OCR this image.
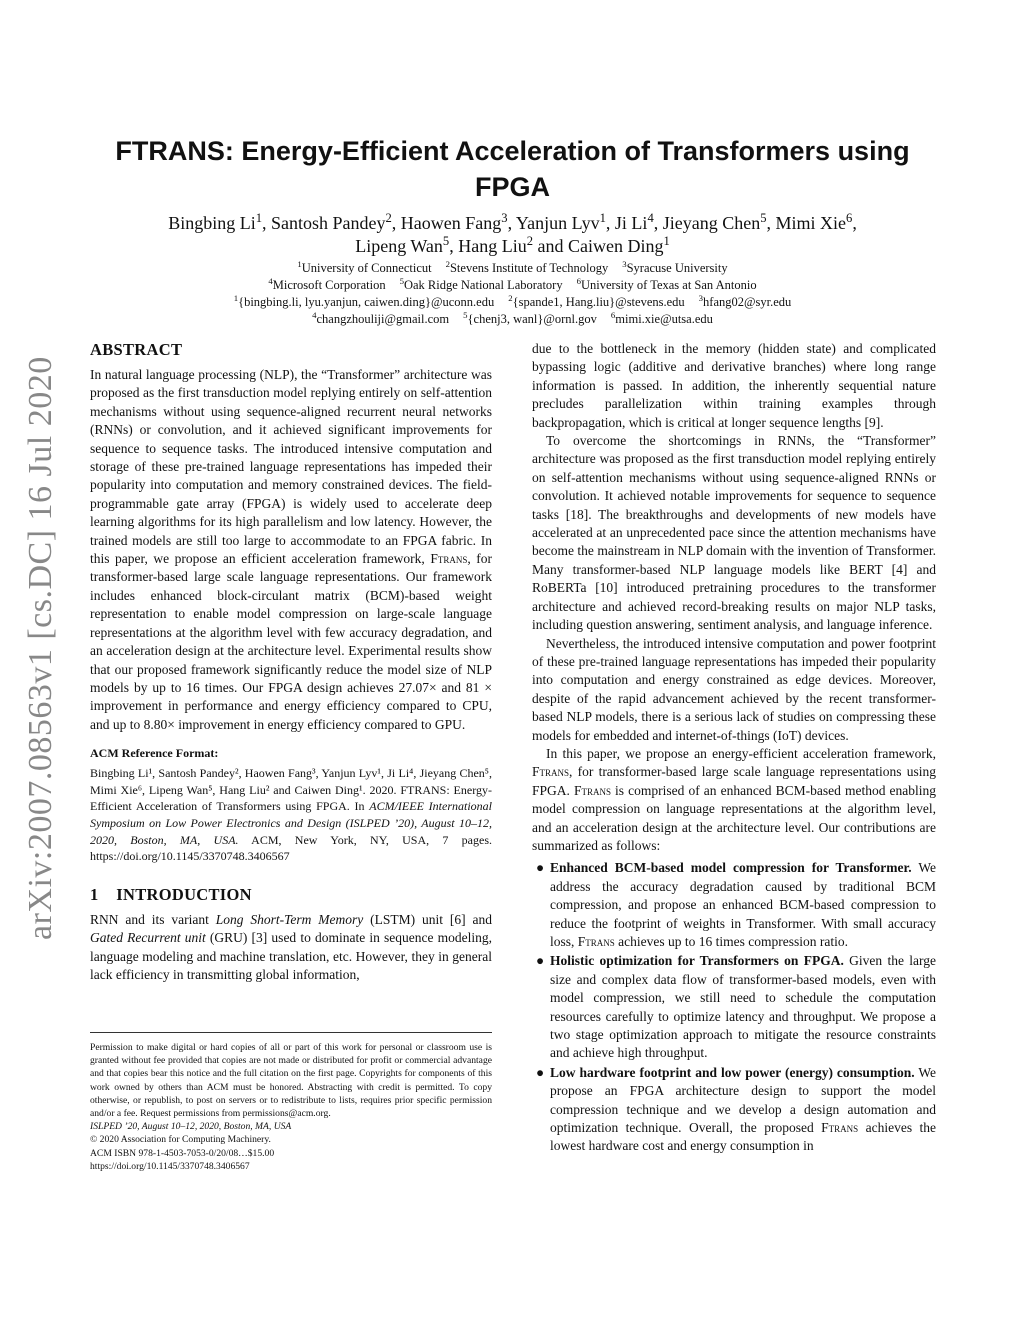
arXiv:2007.08563v1 [cs.DC] 16 Jul 2020
FTRANS: Energy-Efficient Acceleration of Transformers using FPGA
Bingbing Li$^1$, Santosh Pandey$^2$, Haowen Fang$^3$, Yanjun Lyv$^1$, Ji Li$^4$, Jieyang Chen$^5$, Mimi Xie$^6$,
Lipeng Wan$^5$, Hang Liu$^2$ and Caiwen Ding$^1$
$^1$University of Connecticut $^2$Stevens Institute of Technology $^3$Syracuse University
$^4$Microsoft Corporation $^5$Oak Ridge National Laboratory $^6$University of Texas at San Antonio
$^1${bingbing.li, lyu.yanjun, caiwen.ding}@uconn.edu $^2${spande1, Hang.liu}@stevens.edu $^3$hfang02@syr.edu
$^4$changzhouliji@gmail.com $^5${chenj3, wanl}@ornl.gov $^6$mimi.xie@utsa.edu
ABSTRACT

In natural language processing (NLP), the “Transformer” architecture was proposed as the first transduction model replying entirely on self-attention mechanisms without using sequence-aligned recurrent neural networks (RNNs) or convolution, and it achieved significant improvements for sequence to sequence tasks. The introduced intensive computation and storage of these pre-trained language representations has impeded their popularity into computation and memory constrained devices. The field-programmable gate array (FPGA) is widely used to accelerate deep learning algorithms for its high parallelism and low latency. However, the trained models are still too large to accommodate to an FPGA fabric. In this paper, we propose an efficient acceleration framework, Ftrans, for transformer-based large scale language representations. Our framework includes enhanced block-circulant matrix (BCM)-based weight representation to enable model compression on large-scale language representations at the algorithm level with few accuracy degradation, and an acceleration design at the architecture level. Experimental results show that our proposed framework significantly reduce the model size of NLP models by up to 16 times. Our FPGA design achieves 27.07× and 81 × improvement in performance and energy efficiency compared to CPU, and up to 8.80× improvement in energy efficiency compared to GPU.

ACM Reference Format:
Bingbing Li¹, Santosh Pandey², Haowen Fang³, Yanjun Lyv¹, Ji Li⁴, Jieyang Chen⁵, Mimi Xie⁶, Lipeng Wan⁵, Hang Liu² and Caiwen Ding¹. 2020. FTRANS: Energy-Efficient Acceleration of Transformers using FPGA. In ACM/IEEE International Symposium on Low Power Electronics and Design (ISLPED ’20), August 10–12, 2020, Boston, MA, USA. ACM, New York, NY, USA, 7 pages. https://doi.org/10.1145/3370748.3406567
1 INTRODUCTION

RNN and its variant Long Short-Term Memory (LSTM) unit [6] and Gated Recurrent unit (GRU) [3] used to dominate in sequence modeling, language modeling and machine translation, etc. However, they in general lack efficiency in transmitting global information,

Permission to make digital or hard copies of all or part of this work for personal or classroom use is granted without fee provided that copies are not made or distributed for profit or commercial advantage and that copies bear this notice and the full citation on the first page. Copyrights for components of this work owned by others than ACM must be honored. Abstracting with credit is permitted. To copy otherwise, or republish, to post on servers or to redistribute to lists, requires prior specific permission and/or a fee. Request permissions from permissions@acm.org.

ISLPED ’20, August 10–12, 2020, Boston, MA, USA

© 2020 Association for Computing Machinery.

ACM ISBN 978-1-4503-7053-0/20/08…$15.00

https://doi.org/10.1145/3370748.3406567

due to the bottleneck in the memory (hidden state) and complicated bypassing logic (additive and derivative branches) where long range information is passed. In addition, the inherently sequential nature precludes parallelization within training examples through backpropagation, which is critical at longer sequence lengths [9].

To overcome the shortcomings in RNNs, the “Transformer” architecture was proposed as the first transduction model replying entirely on self-attention mechanisms without using sequence-aligned RNNs or convolution. It achieved notable improvements for sequence to sequence tasks [18]. The breakthroughs and developments of new models have accelerated at an unprecedented pace since the attention mechanisms have become the mainstream in NLP domain with the invention of Transformer. Many transformer-based NLP language models like BERT [4] and RoBERTa [10] introduced pretraining procedures to the transformer architecture and achieved record-breaking results on major NLP tasks, including question answering, sentiment analysis, and language inference.

Nevertheless, the introduced intensive computation and power footprint of these pre-trained language representations has impeded their popularity into computation and energy constrained as edge devices. Moreover, despite of the rapid advancement achieved by the recent transformer-based NLP models, there is a serious lack of studies on compressing these models for embedded and internet-of-things (IoT) devices.

In this paper, we propose an energy-efficient acceleration framework, Ftrans, for transformer-based large scale language representations using FPGA. Ftrans is comprised of an enhanced BCM-based method enabling model compression on language representations at the algorithm level, and an acceleration design at the architecture level. Our contributions are summarized as follows:

● Enhanced BCM-based model compression for Transformer. We address the accuracy degradation caused by traditional BCM compression, and propose an enhanced BCM-based compression to reduce the footprint of weights in Transformer. With small accuracy loss, Ftrans achieves up to 16 times compression ratio.
● Holistic optimization for Transformers on FPGA. Given the large size and complex data flow of transformer-based models, even with model compression, we still need to schedule the computation resources carefully to optimize latency and throughput. We propose a two stage optimization approach to mitigate the resource constraints and achieve high throughput.
● Low hardware footprint and low power (energy) consumption. We propose an FPGA architecture design to support the model compression technique and we develop a design automation and optimization technique. Overall, the proposed Ftrans achieves the lowest hardware cost and energy consumption in
